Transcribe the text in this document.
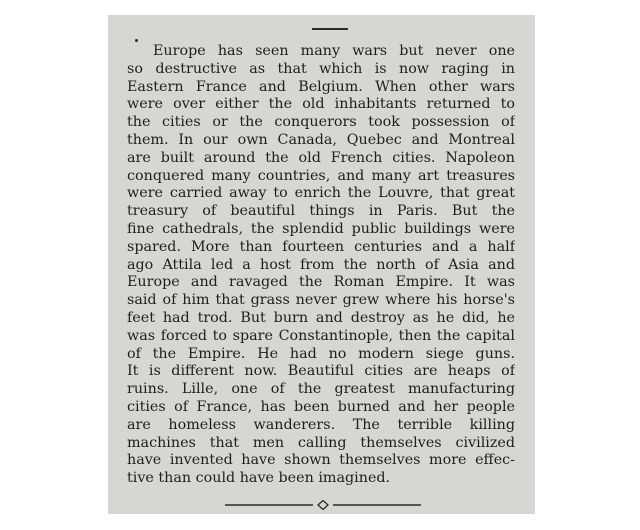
Europe has seen many wars but never one
so destructive as that which is now raging in
Eastern France and Belgium. When other wars
were over either the old inhabitants returned to
the cities or the conquerors took possession of
them. In our own Canada, Quebec and Montreal
are built around the old French cities. Napoleon
conquered many countries, and many art treasures
were carried away to enrich the Louvre, that great
treasury of beautiful things in Paris. But the
fine cathedrals, the splendid public buildings were
spared. More than fourteen centuries and a half
ago Attila led a host from the north of Asia and
Europe and ravaged the Roman Empire. It was
said of him that grass never grew where his horse's
feet had trod. But burn and destroy as he did, he
was forced to spare Constantinople, then the capital
of the Empire. He had no modern siege guns.
It is different now. Beautiful cities are heaps of
ruins. Lille, one of the greatest manufacturing
cities of France, has been burned and her people
are homeless wanderers. The terrible killing
machines that men calling themselves civilized
have invented have shown themselves more effec-
tive than could have been imagined.
